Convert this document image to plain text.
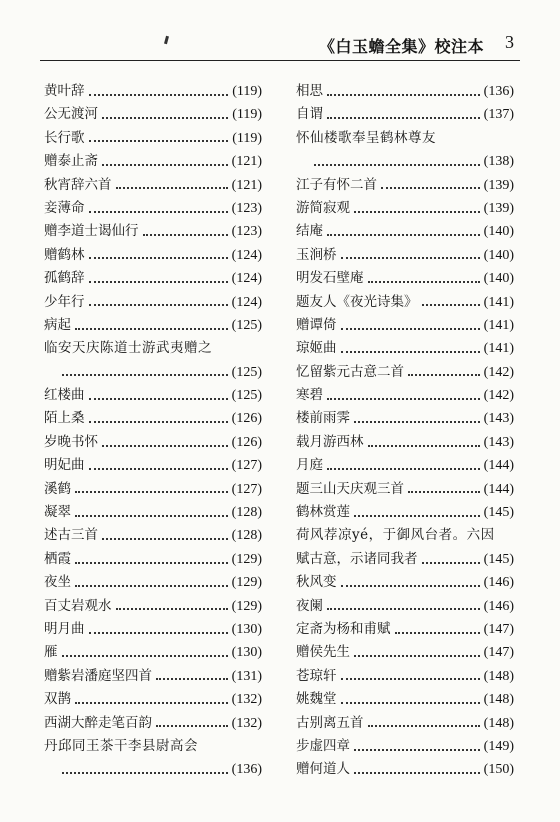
《白玉蟾全集》校注本 3
黄叶辞	(119)
公无渡河	(119)
长行歌	(119)
赠泰止斋	(121)
秋宵辞六首	(121)
妾薄命	(123)
赠李道士谒仙行	(123)
赠鹤林	(124)
孤鹤辞	(124)
少年行	(124)
病起	(125)
临安天庆陈道士游武夷赠之
(125)
红楼曲	(125)
陌上桑	(126)
岁晚书怀	(126)
明妃曲	(127)
溪鹤	(127)
凝翠	(128)
述古三首	(128)
栖霞	(129)
夜坐	(129)
百丈岩观水	(129)
明月曲	(130)
雁	(130)
赠紫岩潘庭坚四首	(131)
双鹊	(132)
西湖大醉走笔百韵	(132)
丹邱同王茶干李县尉高会
(136)
相思	(136)
自谓	(137)
怀仙楼歌奉呈鹤林尊友
(138)
江子有怀二首	(139)
游简寂观	(139)
结庵	(140)
玉涧桥	(140)
明发石壁庵	(140)
题友人《夜光诗集》	(141)
赠谭倚	(141)
琼姬曲	(141)
忆留紫元古意二首	(142)
寒碧	(142)
楼前雨霁	(143)
载月游西林	(143)
月庭	(144)
题三山天庆观三首	(144)
鹤林赏莲	(145)
荷风荐凉yé，于御风台者。六因
赋古意，示诸同我者	(145)
秋风变	(146)
夜阑	(146)
定斋为杨和甫赋	(147)
赠侯先生	(147)
苍琼轩	(148)
姚魏堂	(148)
古别离五首	(148)
步虚四章	(149)
赠何道人	(150)
